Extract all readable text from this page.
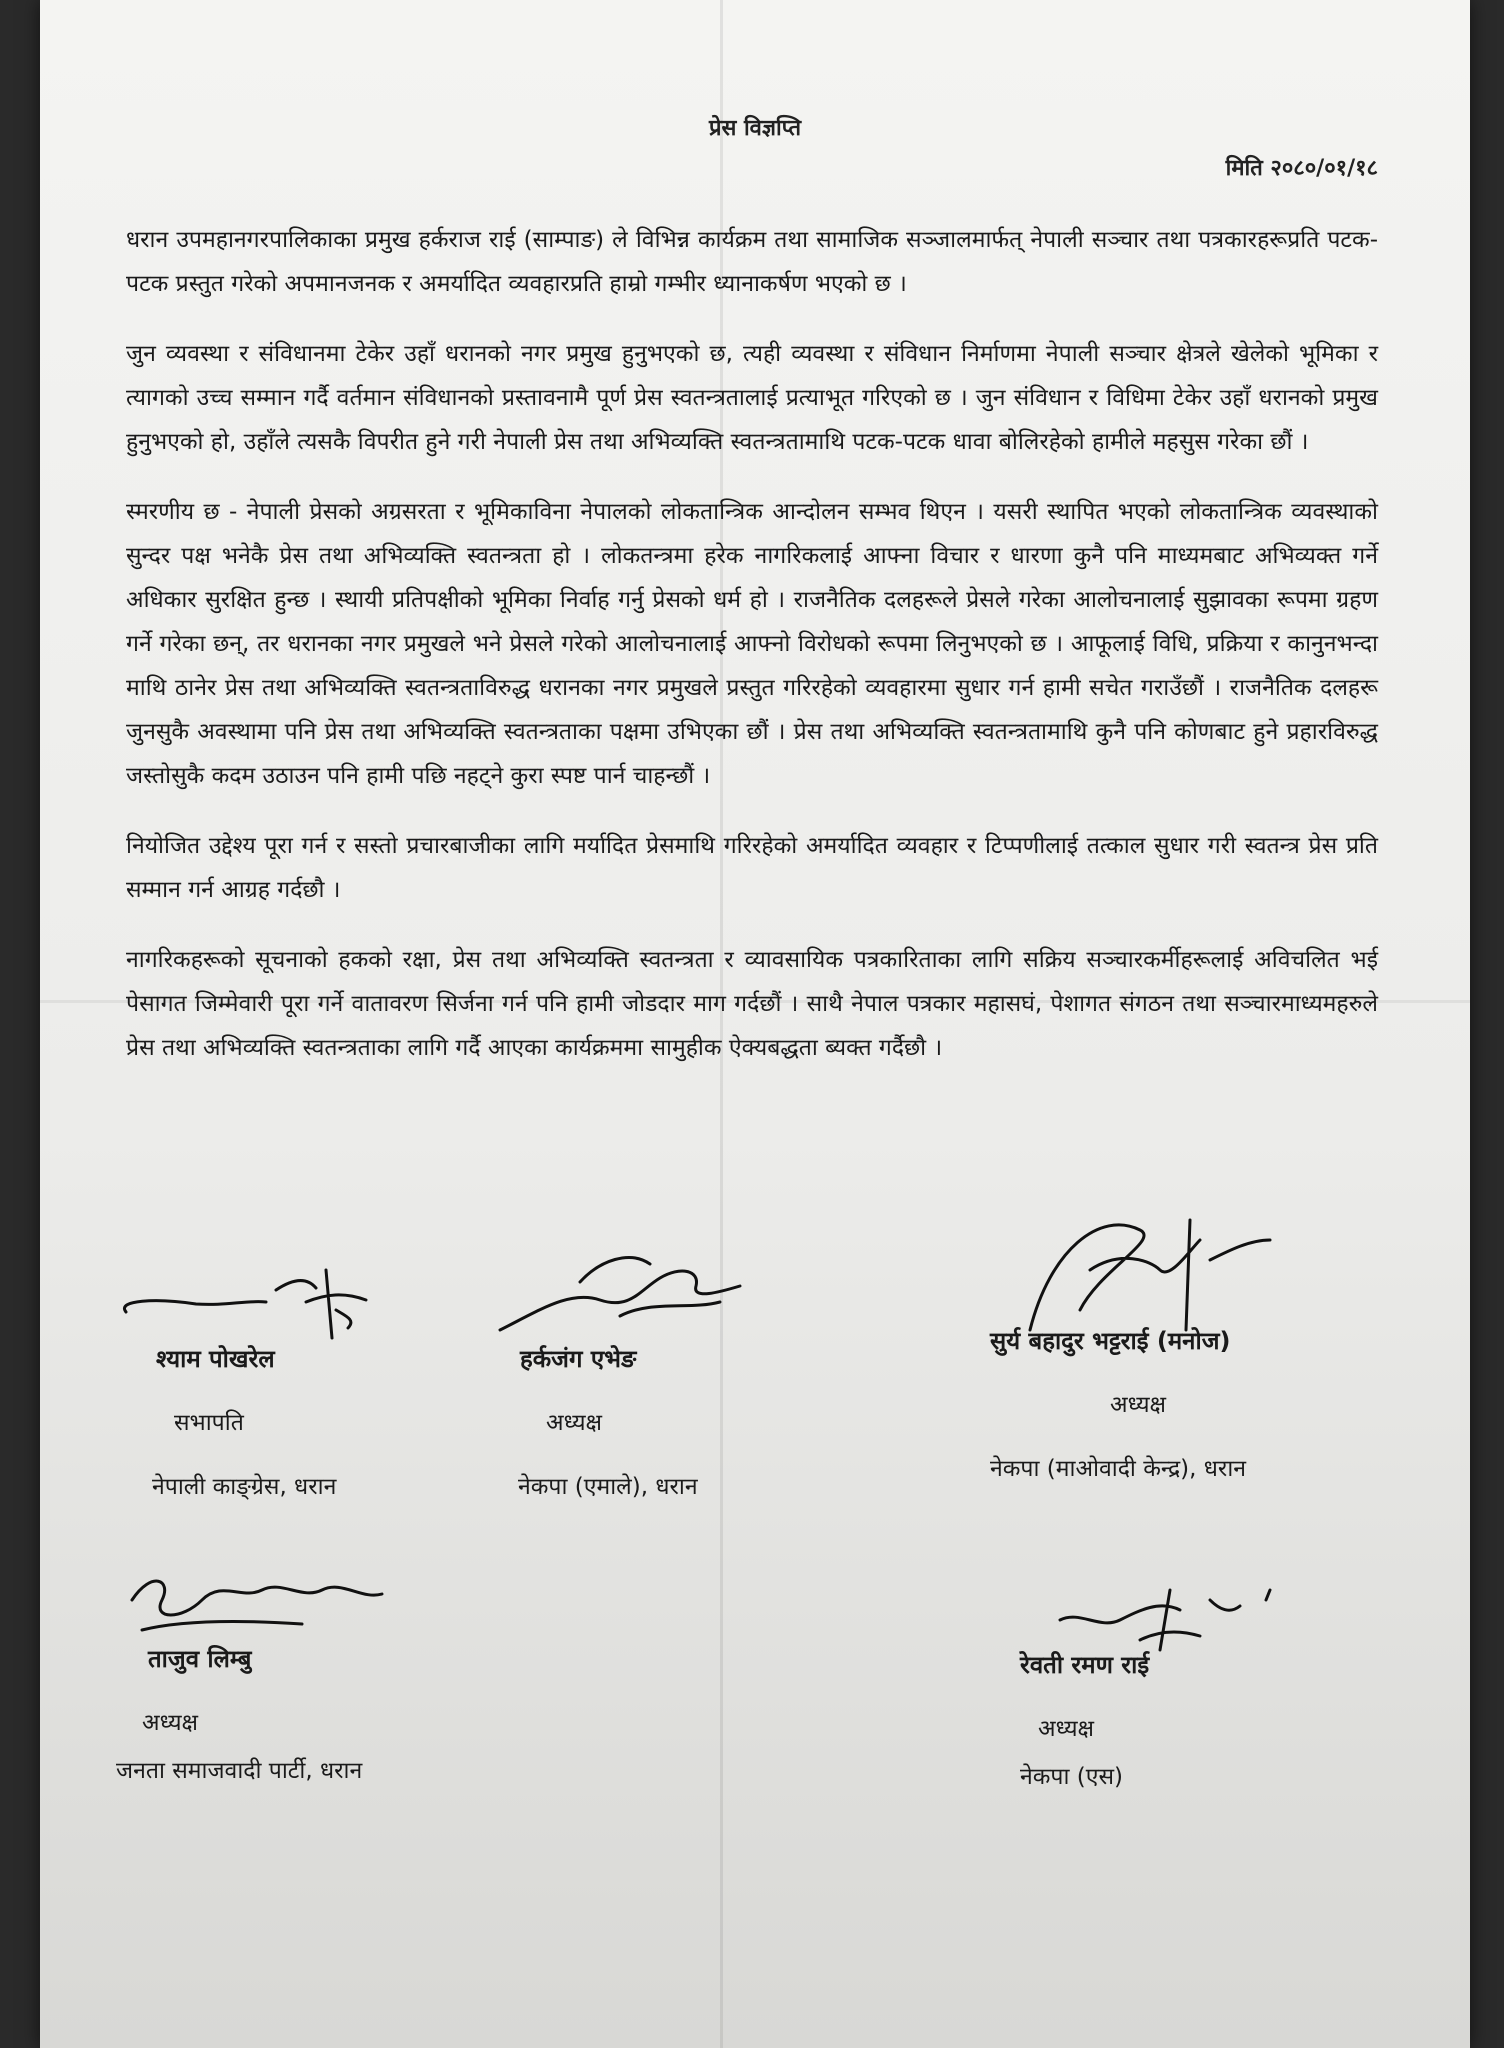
प्रेस विज्ञप्ति
मिति २०८०/०१/१८

धरान उपमहानगरपालिकाका प्रमुख हर्कराज राई (साम्पाङ) ले विभिन्न कार्यक्रम तथा सामाजिक सञ्जालमार्फत् नेपाली सञ्चार तथा पत्रकारहरूप्रति पटक-पटक प्रस्तुत गरेको अपमानजनक र अमर्यादित व्यवहारप्रति हाम्रो गम्भीर ध्यानाकर्षण भएको छ ।

जुन व्यवस्था र संविधानमा टेकेर उहाँ धरानको नगर प्रमुख हुनुभएको छ, त्यही व्यवस्था र संविधान निर्माणमा नेपाली सञ्चार क्षेत्रले खेलेको भूमिका र त्यागको उच्च सम्मान गर्दै वर्तमान संविधानको प्रस्तावनामै पूर्ण प्रेस स्वतन्त्रतालाई प्रत्याभूत गरिएको छ । जुन संविधान र विधिमा टेकेर उहाँ धरानको प्रमुख हुनुभएको हो, उहाँले त्यसकै विपरीत हुने गरी नेपाली प्रेस तथा अभिव्यक्ति स्वतन्त्रतामाथि पटक-पटक धावा बोलिरहेको हामीले महसुस गरेका छौं ।

स्मरणीय छ - नेपाली प्रेसको अग्रसरता र भूमिकाविना नेपालको लोकतान्त्रिक आन्दोलन सम्भव थिएन । यसरी स्थापित भएको लोकतान्त्रिक व्यवस्थाको सुन्दर पक्ष भनेकै प्रेस तथा अभिव्यक्ति स्वतन्त्रता हो । लोकतन्त्रमा हरेक नागरिकलाई आफ्ना विचार र धारणा कुनै पनि माध्यमबाट अभिव्यक्त गर्ने अधिकार सुरक्षित हुन्छ । स्थायी प्रतिपक्षीको भूमिका निर्वाह गर्नु प्रेसको धर्म हो । राजनैतिक दलहरूले प्रेसले गरेका आलोचनालाई सुझावका रूपमा ग्रहण गर्ने गरेका छन्, तर धरानका नगर प्रमुखले भने प्रेसले गरेको आलोचनालाई आफ्नो विरोधको रूपमा लिनुभएको छ । आफूलाई विधि, प्रक्रिया र कानुनभन्दा माथि ठानेर प्रेस तथा अभिव्यक्ति स्वतन्त्रताविरुद्ध धरानका नगर प्रमुखले प्रस्तुत गरिरहेको व्यवहारमा सुधार गर्न हामी सचेत गराउँछौं । राजनैतिक दलहरू जुनसुकै अवस्थामा पनि प्रेस तथा अभिव्यक्ति स्वतन्त्रताका पक्षमा उभिएका छौं । प्रेस तथा अभिव्यक्ति स्वतन्त्रतामाथि कुनै पनि कोणबाट हुने प्रहारविरुद्ध जस्तोसुकै कदम उठाउन पनि हामी पछि नहट्ने कुरा स्पष्ट पार्न चाहन्छौं ।

नियोजित उद्देश्य पूरा गर्न र सस्तो प्रचारबाजीका लागि मर्यादित प्रेसमाथि गरिरहेको अमर्यादित व्यवहार र टिप्पणीलाई तत्काल सुधार गरी स्वतन्त्र प्रेस प्रति सम्मान गर्न आग्रह गर्दछौ ।

नागरिकहरूको सूचनाको हकको रक्षा, प्रेस तथा अभिव्यक्ति स्वतन्त्रता र व्यावसायिक पत्रकारिताका लागि सक्रिय सञ्चारकर्मीहरूलाई अविचलित भई पेसागत जिम्मेवारी पूरा गर्ने वातावरण सिर्जना गर्न पनि हामी जोडदार माग गर्दछौं । साथै नेपाल पत्रकार महासघं, पेशागत संगठन तथा सञ्चारमाध्यमहरुले प्रेस तथा अभिव्यक्ति स्वतन्त्रताका लागि गर्दै आएका कार्यक्रममा सामुहीक ऐक्यबद्धता ब्यक्त गर्दैछौ ।

श्याम पोखरेल
सभापति
नेपाली काङ्ग्रेस, धरान
हर्कजंग एभेङ
अध्यक्ष
नेकपा (एमाले), धरान
सुर्य बहादुर भट्टराई (मनोज)
अध्यक्ष
नेकपा (माओवादी केन्द्र), धरान
ताजुव लिम्बु
अध्यक्ष
जनता समाजवादी पार्टी, धरान
रेवती रमण राई
अध्यक्ष
नेकपा (एस)
